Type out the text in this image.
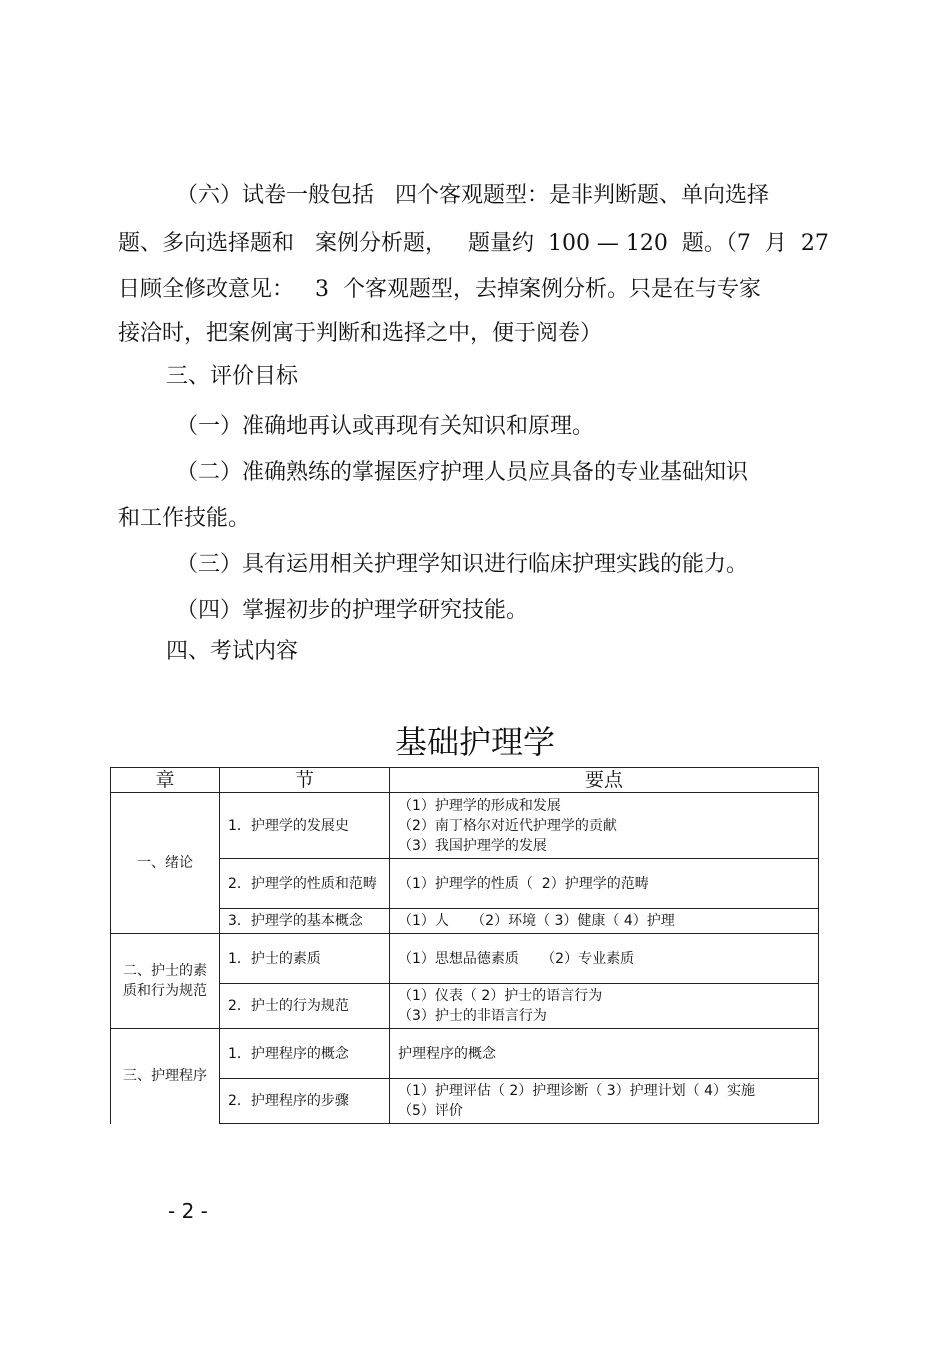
（六）试卷一般包括   四个客观题型：是非判断题、单向选择
题、多向选择题和   案例分析题，   题量约  100 — 120  题。（7  月  27
日顾全修改意见：   3  个客观题型，去掉案例分析。只是在与专家
接洽时，把案例寓于判断和选择之中，便于阅卷）
三、评价目标
（一）准确地再认或再现有关知识和原理。
（二）准确熟练的掌握医疗护理人员应具备的专业基础知识
和工作技能。
（三）具有运用相关护理学知识进行临床护理实践的能力。
（四）掌握初步的护理学研究技能。
四、考试内容
基础护理学
章	节	要点
一、绪论	1．护理学的发展史	（1）护理学的形成和发展
（2）南丁格尔对近代护理学的贡献
（3）我国护理学的发展

	2．护理学的性质和范畴	（1）护理学的性质（  2）护理学的范畴

	3．护理学的基本概念	（1）人     （2）环境（ 3）健康（ 4）护理

二、护士的素质和行为规范	1．护士的素质	（1）思想品德素质     （2）专业素质

	2．护士的行为规范	（1）仪表（ 2）护士的语言行为
（3）护士的非语言行为

三、护理程序	1．护理程序的概念	护理程序的概念

	2．护理程序的步骤	（1）护理评估（ 2）护理诊断（ 3）护理计划（ 4）实施
（5）评价
- 2 -
